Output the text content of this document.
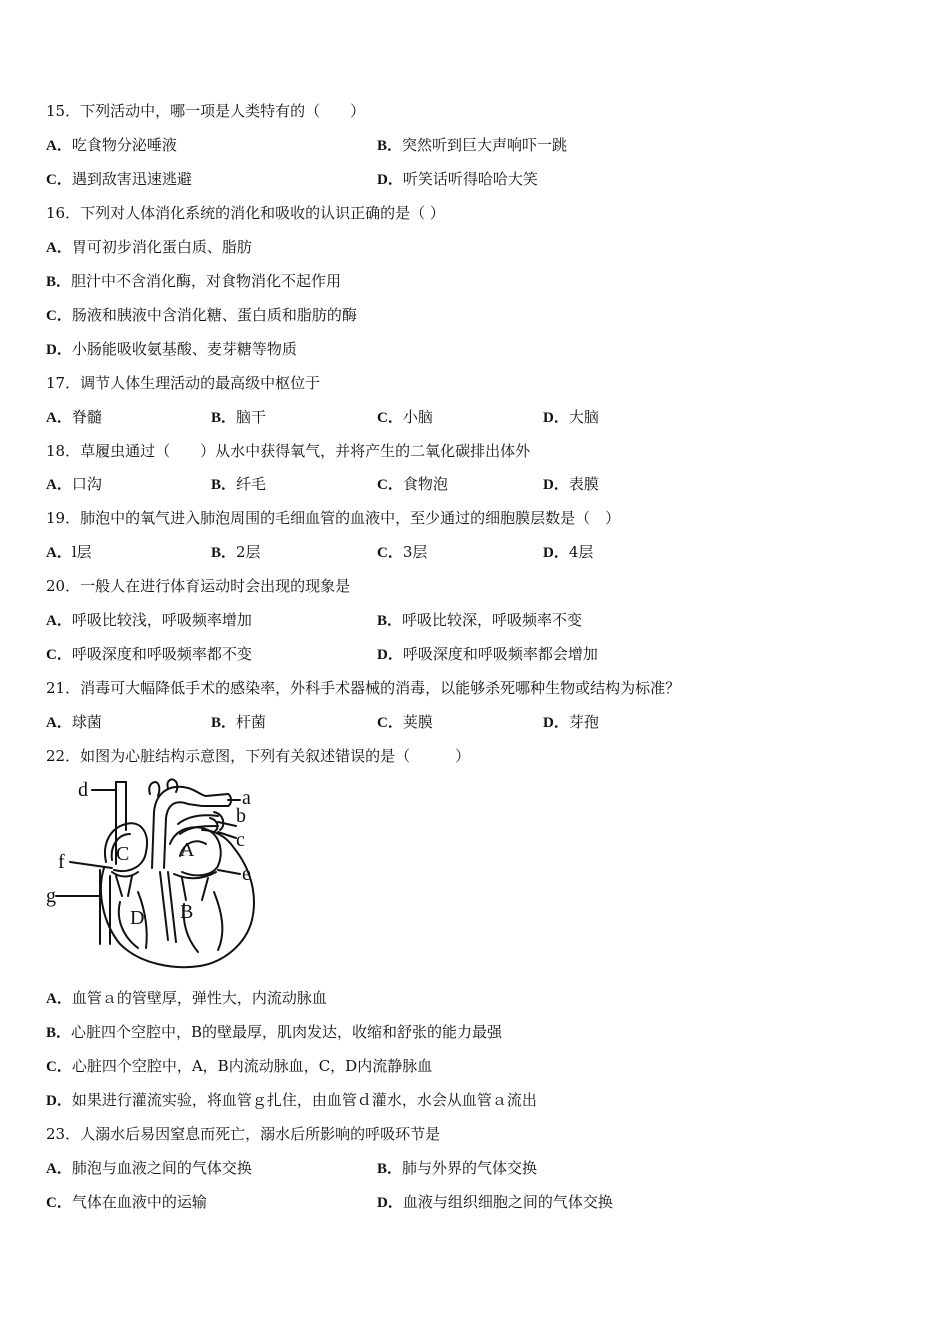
15．下列活动中，哪一项是人类特有的（　　）
A．吃食物分泌唾液	B．突然听到巨大声响吓一跳
C．遇到敌害迅速逃避	D．听笑话听得哈哈大笑
16．下列对人体消化系统的消化和吸收的认识正确的是（ ）
A．胃可初步消化蛋白质、脂肪
B．胆汁中不含消化酶，对食物消化不起作用
C．肠液和胰液中含消化糖、蛋白质和脂肪的酶
D．小肠能吸收氨基酸、麦芽糖等物质
17．调节人体生理活动的最高级中枢位于
A．脊髓	B．脑干	C．小脑	D．大脑
18．草履虫通过（　　）从水中获得氧气，并将产生的二氧化碳排出体外
A．口沟	B．纤毛	C．食物泡	D．表膜
19．肺泡中的氧气进入肺泡周围的毛细血管的血液中，至少通过的细胞膜层数是（　）
A．l层	B．2层	C．3层	D．4层
20．一般人在进行体育运动时会出现的现象是
A．呼吸比较浅，呼吸频率增加	B．呼吸比较深，呼吸频率不变
C．呼吸深度和呼吸频率都不变	D．呼吸深度和呼吸频率都会增加
21．消毒可大幅降低手术的感染率，外科手术器械的消毒，以能够杀死哪种生物或结构为标准？
A．球菌	B．杆菌	C．荚膜	D．芽孢
22．如图为心脏结构示意图，下列有关叙述错误的是（　　　）
d	a
b
c
e
f
g
C	A
D B
A．血管ａ的管壁厚，弹性大，内流动脉血
B．心脏四个空腔中，B的壁最厚，肌肉发达，收缩和舒张的能力最强
C．心脏四个空腔中，A，B内流动脉血，C，D内流静脉血
D．如果进行灌流实验，将血管ｇ扎住，由血管ｄ灌水，水会从血管ａ流出
23．人溺水后易因窒息而死亡，溺水后所影响的呼吸环节是
A．肺泡与血液之间的气体交换	B．肺与外界的气体交换
C．气体在血液中的运输	D．血液与组织细胞之间的气体交换
